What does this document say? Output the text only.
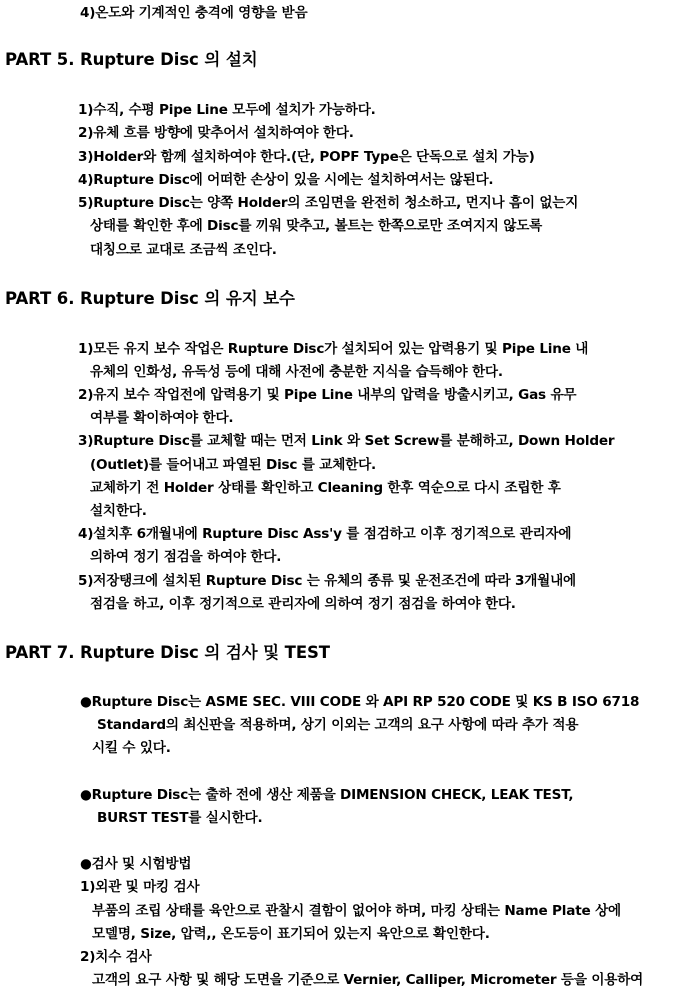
4)온도와 기계적인 충격에 영향을 받음
PART 5. Rupture Disc 의 설치
1)수직, 수평 Pipe Line 모두에 설치가 가능하다.
2)유체 흐름 방향에 맞추어서 설치하여야 한다.
3)Holder와 함께 설치하여야 한다.(단, POPF Type은 단독으로 설치 가능)
4)Rupture Disc에 어떠한 손상이 있을 시에는 설치하여서는 않된다.
5)Rupture Disc는 양쪽 Holder의 조임면을 완전히 청소하고, 먼지나 흠이 없는지
상태를 확인한 후에 Disc를 끼워 맞추고, 볼트는 한쪽으로만 조여지지 않도록
대칭으로 교대로 조금씩 조인다.
PART 6. Rupture Disc 의 유지 보수
1)모든 유지 보수 작업은 Rupture Disc가 설치되어 있는 압력용기 및 Pipe Line 내
유체의 인화성, 유독성 등에 대해 사전에 충분한 지식을 습득해야 한다.
2)유지 보수 작업전에 압력용기 및 Pipe Line 내부의 압력을 방출시키고, Gas 유무
여부를 확이하여야 한다.
3)Rupture Disc를 교체할 때는 먼저 Link 와 Set Screw를 분해하고, Down Holder
(Outlet)를 들어내고 파열된 Disc 를 교체한다.
교체하기 전 Holder 상태를 확인하고 Cleaning 한후 역순으로 다시 조립한 후
설치한다.
4)설치후 6개월내에 Rupture Disc Ass'y 를 점검하고 이후 정기적으로 관리자에
의하여 정기 점검을 하여야 한다.
5)저장탱크에 설치된 Rupture Disc 는 유체의 종류 및 운전조건에 따라 3개월내에
점검을 하고, 이후 정기적으로 관리자에 의하여 정기 점검을 하여야 한다.
PART 7. Rupture Disc 의 검사 및 TEST
●Rupture Disc는 ASME SEC. VIII CODE 와 API RP 520 CODE 및 KS B ISO 6718
Standard의 최신판을 적용하며, 상기 이외는 고객의 요구 사항에 따라 추가 적용
시킬 수 있다.
●Rupture Disc는 출하 전에 생산 제품을 DIMENSION CHECK, LEAK TEST,
BURST TEST를 실시한다.
●검사 및 시험방법
1)외관 및 마킹 검사
부품의 조립 상태를 육안으로 관찰시 결함이 없어야 하며, 마킹 상태는 Name Plate 상에
모델명, Size, 압력,, 온도등이 표기되어 있는지 육안으로 확인한다.
2)치수 검사
고객의 요구 사항 및 해당 도면을 기준으로 Vernier, Calliper, Micrometer 등을 이용하여
